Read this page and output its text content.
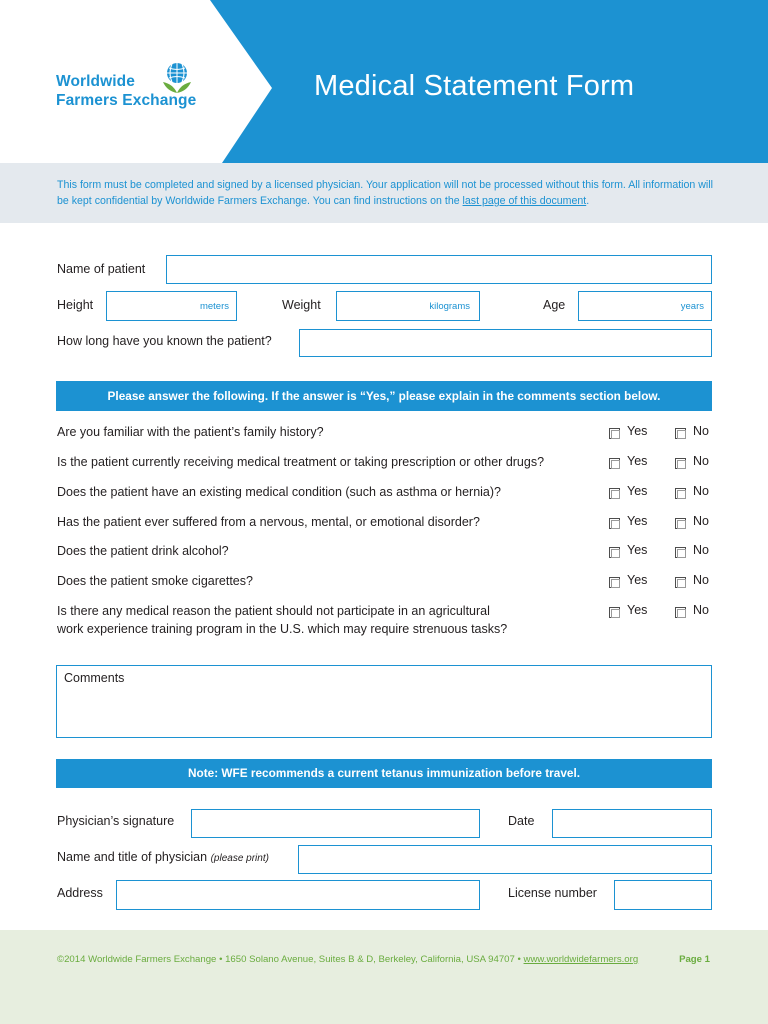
Worldwide
Farmers Exchange	Medical Statement Form

This form must be completed and signed by a licensed physician. Your application will not be processed without this form. All information will be kept confidential by Worldwide Farmers Exchange. You can find instructions on the last page of this document.

Name of patient
Height	meters	Weight	kilograms	Age	years
How long have you known the patient?
Please answer the following. If the answer is “Yes,” please explain in the comments section below.
Are you familiar with the patient’s family history?	Yes	No
Is the patient currently receiving medical treatment or taking prescription or other drugs?	Yes	No
Does the patient have an existing medical condition (such as asthma or hernia)?	Yes	No
Has the patient ever suffered from a nervous, mental, or emotional disorder?	Yes	No
Does the patient drink alcohol?	Yes	No
Does the patient smoke cigarettes?	Yes	No
Is there any medical reason the patient should not participate in an agricultural
work experience training program in the U.S. which may require strenuous tasks?
Yes	No
Comments
Note: WFE recommends a current tetanus immunization before travel.
Physician’s signature	Date
Name and title of physician (please print)
Address	License number
©2014 Worldwide Farmers Exchange • 1650 Solano Avenue, Suites B & D, Berkeley, California, USA 94707 • www.worldwidefarmers.org	Page 1
